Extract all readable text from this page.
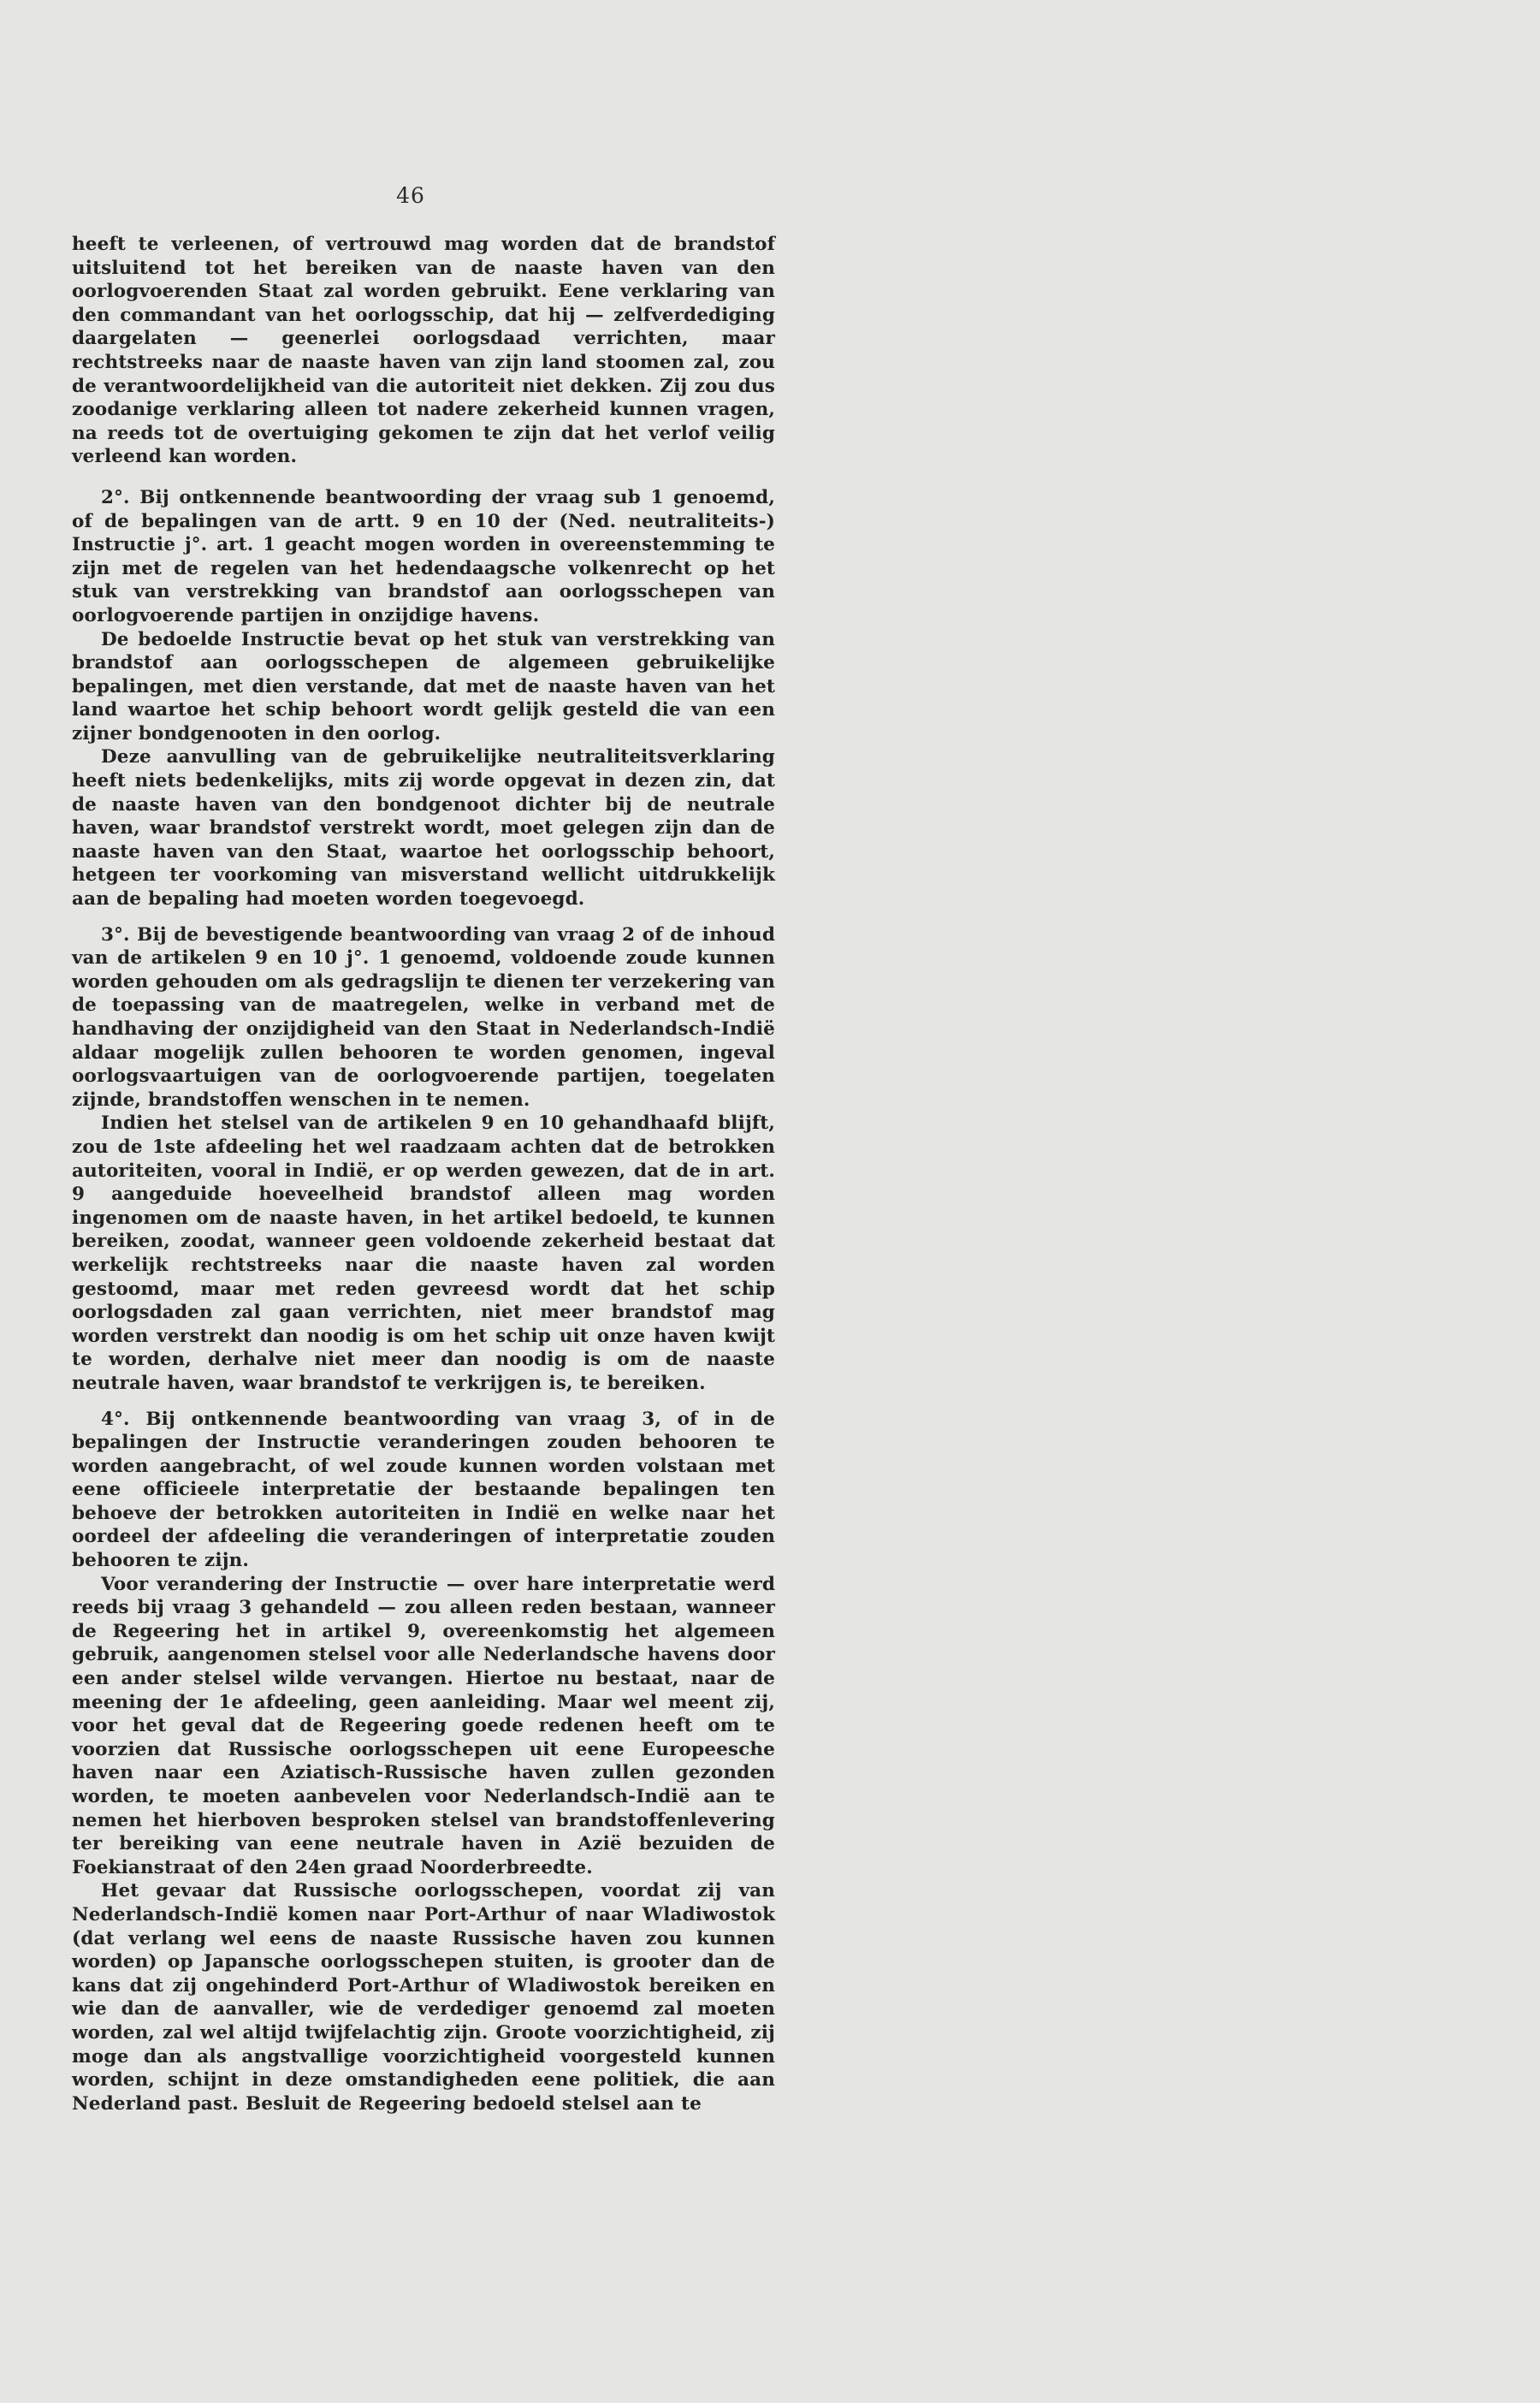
46

heeft te verleenen, of vertrouwd mag worden dat de brandstof uitsluitend tot het bereiken van de naaste haven van den oorlogvoerenden Staat zal worden gebruikt. Eene verklaring van den commandant van het oorlogsschip, dat hij — zelfverdediging daargelaten — geenerlei oorlogsdaad verrichten, maar rechtstreeks naar de naaste haven van zijn land stoomen zal, zou de verantwoordelijkheid van die autoriteit niet dekken. Zij zou dus zoodanige verklaring alleen tot nadere zekerheid kunnen vragen, na reeds tot de overtuiging gekomen te zijn dat het verlof veilig verleend kan worden.

2°. Bij ontkennende beantwoording der vraag sub 1 genoemd, of de bepalingen van de artt. 9 en 10 der (Ned. neutraliteits-) Instructie j°. art. 1 geacht mogen worden in overeenstemming te zijn met de regelen van het hedendaagsche volkenrecht op het stuk van verstrekking van brandstof aan oorlogsschepen van oorlogvoerende partijen in onzijdige havens.

De bedoelde Instructie bevat op het stuk van verstrekking van brandstof aan oorlogsschepen de algemeen gebruikelijke bepalingen, met dien verstande, dat met de naaste haven van het land waartoe het schip behoort wordt gelijk gesteld die van een zijner bondgenooten in den oorlog.

Deze aanvulling van de gebruikelijke neutraliteitsverklaring heeft niets bedenkelijks, mits zij worde opgevat in dezen zin, dat de naaste haven van den bondgenoot dichter bij de neutrale haven, waar brandstof verstrekt wordt, moet gelegen zijn dan de naaste haven van den Staat, waartoe het oorlogsschip behoort, hetgeen ter voorkoming van misverstand wellicht uitdrukkelijk aan de bepaling had moeten worden toegevoegd.

3°. Bij de bevestigende beantwoording van vraag 2 of de inhoud van de artikelen 9 en 10 j°. 1 genoemd, voldoende zoude kunnen worden gehouden om als gedragslijn te dienen ter verzekering van de toepassing van de maatregelen, welke in verband met de handhaving der onzijdigheid van den Staat in Nederlandsch-Indië aldaar mogelijk zullen behooren te worden genomen, ingeval oorlogsvaartuigen van de oorlogvoerende partijen, toegelaten zijnde, brandstoffen wenschen in te nemen.

Indien het stelsel van de artikelen 9 en 10 gehandhaafd blijft, zou de 1ste afdeeling het wel raadzaam achten dat de betrokken autoriteiten, vooral in Indië, er op werden gewezen, dat de in art. 9 aangeduide hoeveelheid brandstof alleen mag worden ingenomen om de naaste haven, in het artikel bedoeld, te kunnen bereiken, zoodat, wanneer geen voldoende zekerheid bestaat dat werkelijk rechtstreeks naar die naaste haven zal worden gestoomd, maar met reden gevreesd wordt dat het schip oorlogsdaden zal gaan verrichten, niet meer brandstof mag worden verstrekt dan noodig is om het schip uit onze haven kwijt te worden, derhalve niet meer dan noodig is om de naaste neutrale haven, waar brandstof te verkrijgen is, te bereiken.

4°. Bij ontkennende beantwoording van vraag 3, of in de bepalingen der Instructie veranderingen zouden behooren te worden aangebracht, of wel zoude kunnen worden volstaan met eene officieele interpretatie der bestaande bepalingen ten behoeve der betrokken autoriteiten in Indië en welke naar het oordeel der afdeeling die veranderingen of interpretatie zouden behooren te zijn.

Voor verandering der Instructie — over hare interpretatie werd reeds bij vraag 3 gehandeld — zou alleen reden bestaan, wanneer de Regeering het in artikel 9, overeenkomstig het algemeen gebruik, aangenomen stelsel voor alle Nederlandsche havens door een ander stelsel wilde vervangen. Hiertoe nu bestaat, naar de meening der 1e afdeeling, geen aanleiding. Maar wel meent zij, voor het geval dat de Regeering goede redenen heeft om te voorzien dat Russische oorlogsschepen uit eene Europeesche haven naar een Aziatisch-Russische haven zullen gezonden worden, te moeten aanbevelen voor Nederlandsch-Indië aan te nemen het hierboven besproken stelsel van brandstoffenlevering ter bereiking van eene neutrale haven in Azië bezuiden de Foekianstraat of den 24en graad Noorderbreedte.

Het gevaar dat Russische oorlogsschepen, voordat zij van Nederlandsch-Indië komen naar Port-Arthur of naar Wladiwostok (dat verlang wel eens de naaste Russische haven zou kunnen worden) op Japansche oorlogsschepen stuiten, is grooter dan de kans dat zij ongehinderd Port-Arthur of Wladiwostok bereiken en wie dan de aanvaller, wie de verdediger genoemd zal moeten worden, zal wel altijd twijfelachtig zijn. Groote voorzichtigheid, zij moge dan als angstvallige voorzichtigheid voorgesteld kunnen worden, schijnt in deze omstandigheden eene politiek, die aan Nederland past. Besluit de Regeering bedoeld stelsel aan te
